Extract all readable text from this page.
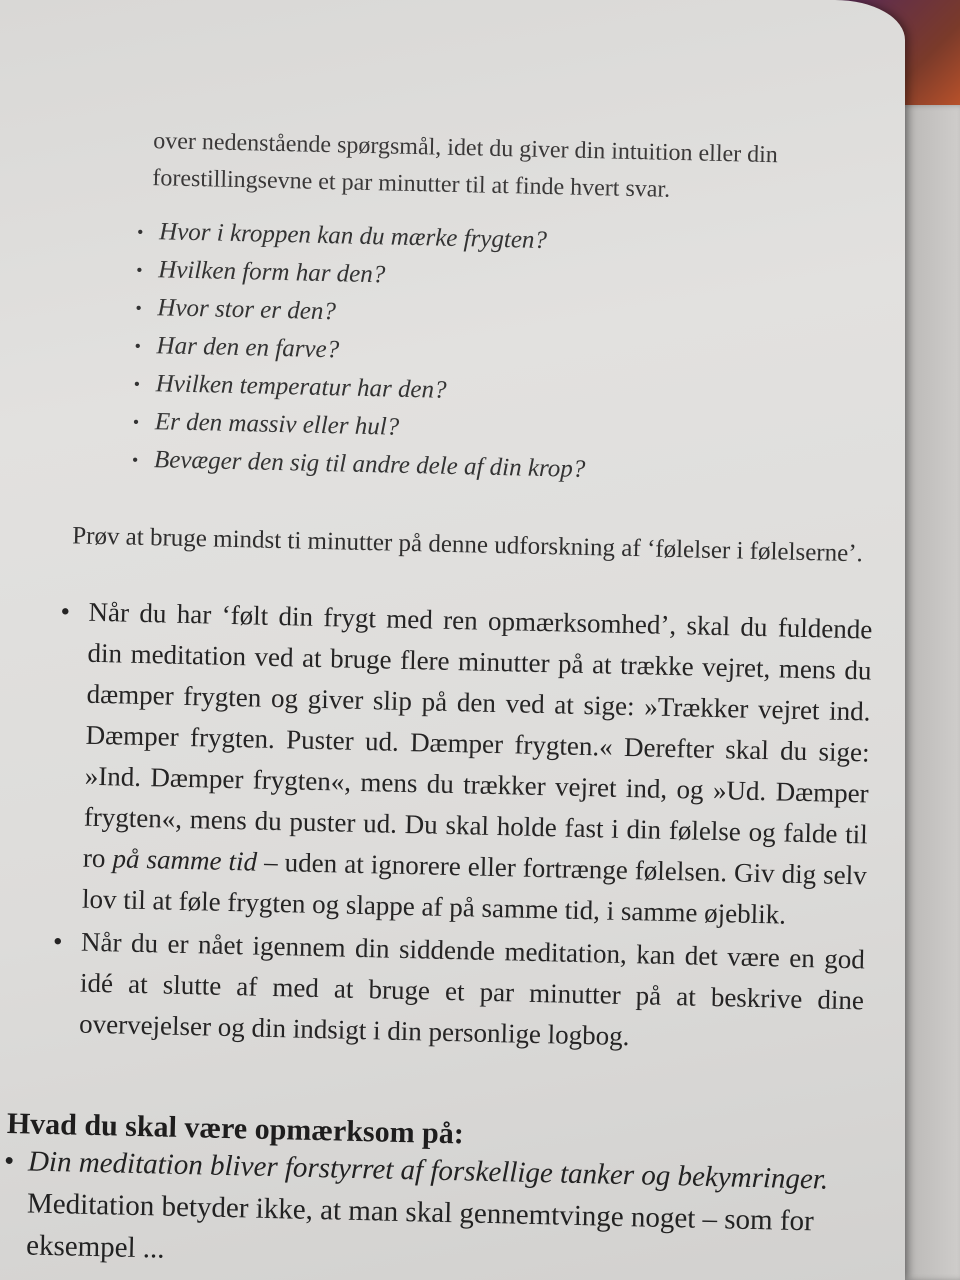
over nedenstående spørgsmål, idet du giver din intuition eller din
forestillingsevne et par minutter til at finde hvert svar.
• Hvor i kroppen kan du mærke frygten?
• Hvilken form har den?
• Hvor stor er den?
• Har den en farve?
• Hvilken temperatur har den?
• Er den massiv eller hul?
• Bevæger den sig til andre dele af din krop?

Prøv at bruge mindst ti minutter på denne udforskning af ‘følelser i følelserne’.

• Når du har ‘følt din frygt med ren opmærksomhed’, skal du fuldende din meditation ved at bruge flere minutter på at trække vejret, mens du dæmper frygten og giver slip på den ved at sige: »Trækker vejret ind. Dæmper frygten. Puster ud. Dæmper frygten.« Derefter skal du sige: »Ind. Dæmper frygten«, mens du trækker vejret ind, og »Ud. Dæmper frygten«, mens du puster ud. Du skal holde fast i din følelse og falde til ro på samme tid – uden at ignorere eller fortrænge følelsen. Giv dig selv lov til at føle frygten og slappe af på samme tid, i samme øjeblik.
• Når du er nået igennem din siddende meditation, kan det være en god idé at slutte af med at bruge et par minutter på at beskrive dine overvejelser og din indsigt i din personlige logbog.
Hvad du skal være opmærksom på:
• Din meditation bliver forstyrret af forskellige tanker og bekymringer.
Meditation betyder ikke, at man skal gennemtvinge noget – som for eksempel ...
